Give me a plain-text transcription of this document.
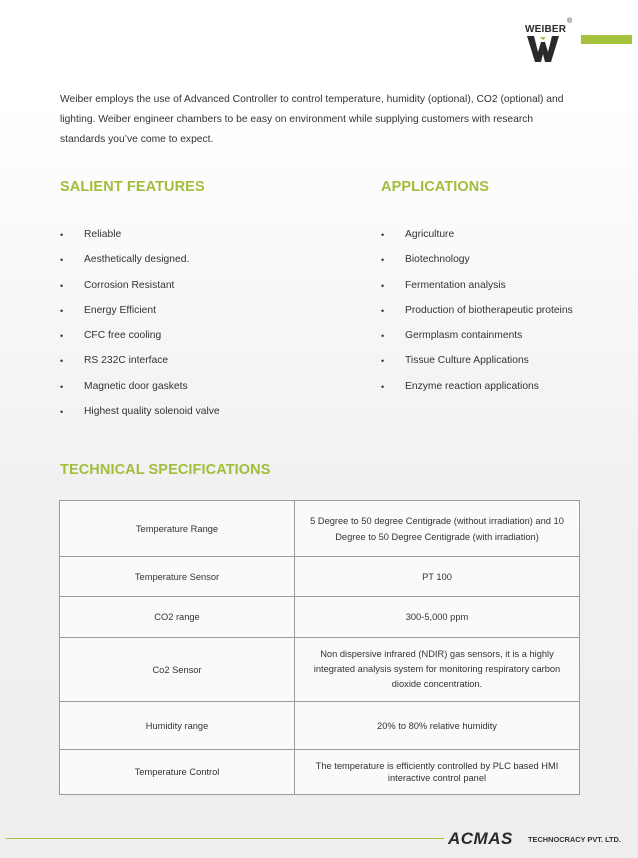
WEIBER
®

Weiber employs the use of Advanced Controller to control temperature, humidity (optional), CO2 (optional) and lighting. Weiber engineer chambers to be easy on environment while supplying customers with research standards you’ve come to expect.

SALIENT FEATURES
• Reliable
• Aesthetically designed.
• Corrosion Resistant
• Energy Efficient
• CFC free cooling
• RS 232C interface
• Magnetic door gaskets
• Highest quality solenoid valve
APPLICATIONS
• Agriculture
• Biotechnology
• Fermentation analysis
• Production of biotherapeutic proteins
• Germplasm containments
• Tissue Culture Applications
• Enzyme reaction applications
TECHNICAL SPECIFICATIONS
Temperature Range	5 Degree to 50 degree Centigrade (without irradiation) and 10 Degree to 50 Degree Centigrade (with irradiation)
Temperature Sensor	PT 100
CO2 range	300-5,000 ppm
Co2 Sensor	Non dispersive infrared (NDIR) gas sensors, it is a highly integrated analysis system for monitoring respiratory carbon dioxide concentration.
Humidity range	20% to 80% relative humidity
Temperature Control	The temperature is efficiently controlled by PLC based HMI interactive control panel
ACMAS TECHNOCRACY PVT. LTD.
